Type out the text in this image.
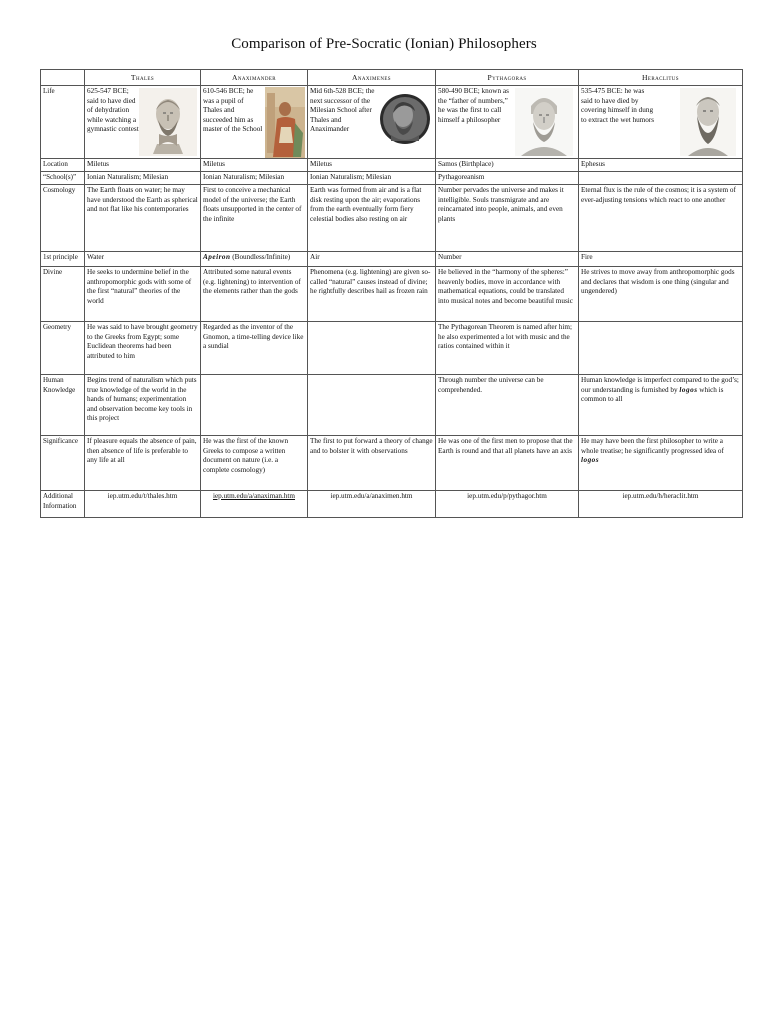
Comparison of Pre-Socratic (Ionian) Philosophers
	Thales	Anaximander	Anaximenes	Pythagoras	Heraclitus
Life	625-547 BCE; said to have died of dehydration while watching a gymnastic contest	610-546 BCE; he was a pupil of Thales and succeeded him as master of the School	Mid 6th-528 BCE; the next successor of the Milesian School after Thales and Anaximander	580-490 BCE; known as the “father of numbers,” he was the first to call himself a philosopher	535-475 BCE: he was said to have died by covering himself in dung to extract the wet humors

Location	Miletus	Miletus	Miletus	Samos (Birthplace)	Ephesus
“School(s)”	Ionian Naturalism; Milesian	Ionian Naturalism; Milesian	Ionian Naturalism; Milesian	Pythagoreanism	
Cosmology	The Earth floats on water; he may have understood the Earth as spherical and not flat like his contemporaries	First to conceive a mechanical model of the universe; the Earth floats unsupported in the center of the infinite	Earth was formed from air and is a flat disk resting upon the air; evaporations from the earth eventually form fiery celestial bodies also resting on air	Number pervades the universe and makes it intelligible. Souls transmigrate and are reincarnated into people, animals, and even plants	Eternal flux is the rule of the cosmos; it is a system of ever-adjusting tensions which react to one another
1st principle	Water	Apeiron (Boundless/Infinite)	Air	Number	Fire
Divine	He seeks to undermine belief in the anthropomorphic gods with some of the first “natural” theories of the world	Attributed some natural events (e.g. lightening) to intervention of the elements rather than the gods	Phenomena (e.g. lightening) are given so-called “natural” causes instead of divine; he rightfully describes hail as frozen rain	He believed in the “harmony of the spheres:” heavenly bodies, move in accordance with mathematical equations, could be translated into musical notes and become beautiful music	He strives to move away from anthropomorphic gods and declares that wisdom is one thing (singular and ungendered)
Geometry	He was said to have brought geometry to the Greeks from Egypt; some Euclidean theorems had been attributed to him	Regarded as the inventor of the Gnomon, a time-telling device like a sundial		The Pythagorean Theorem is named after him; he also experimented a lot with music and the ratios contained within it	
Human Knowledge	Begins trend of naturalism which puts true knowledge of the world in the hands of humans; experimentation and observation become key tools in this project			Through number the universe can be comprehended.	Human knowledge is imperfect compared to the god’s; our understanding is furnished by logos which is common to all
Significance	If pleasure equals the absence of pain, then absence of life is preferable to any life at all	He was the first of the known Greeks to compose a written document on nature (i.e. a complete cosmology)	The first to put forward a theory of change and to bolster it with observations	He was one of the first men to propose that the Earth is round and that all planets have an axis	He may have been the first philosopher to write a whole treatise; he significantly progressed idea of logos
Additional Information	iep.utm.edu/t/thales.htm	iep.utm.edu/a/anaximan.htm	iep.utm.edu/a/anaximen.htm	iep.utm.edu/p/pythagor.htm	iep.utm.edu/h/heraclit.htm
